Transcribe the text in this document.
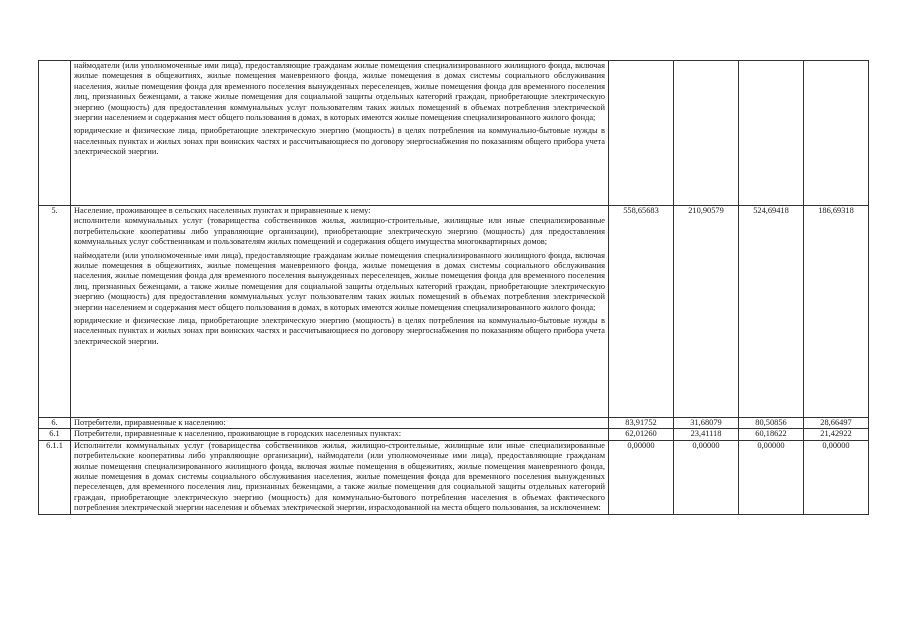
	наймодатели (или уполномоченные ими лица), предоставляющие гражданам жилые помещения специализированного жилищного фонда, включая жилые помещения в общежитиях, жилые помещения маневренного фонда, жилые помещения в домах системы социального обслуживания населения, жилые помещения фонда для временного поселения вынужденных переселенцев, жилые помещения фонда для временного поселения лиц, признанных беженцами, а также жилые помещения для социальной защиты отдельных категорий граждан, приобретающие электрическую энергию (мощность) для предоставления коммунальных услуг пользователям таких жилых помещений в объемах потребления электрической энергии населением и содержания мест общего пользования в домах, в которых имеются жилые помещения специализированного жилого фонда;

юридические и физические лица, приобретающие электрическую энергию (мощность) в целях потребления на коммунально-бытовые нужды в населенных пунктах и жилых зонах при воинских частях и рассчитывающиеся по договору энергоснабжения по показаниям общего прибора учета электрической энергии.				

5.	Население, проживающее в сельских населенных пунктах и приравненные к нему:

исполнители коммунальных услуг (товарищества собственников жилья, жилищно-строительные, жилищные или иные специализированные потребительские кооперативы либо управляющие организации), приобретающие электрическую энергию (мощность) для предоставления коммунальных услуг собственникам и пользователям жилых помещений и содержания общего имущества многоквартирных домов;

наймодатели (или уполномоченные ими лица), предоставляющие гражданам жилые помещения специализированного жилищного фонда, включая жилые помещения в общежитиях, жилые помещения маневренного фонда, жилые помещения в домах системы социального обслуживания населения, жилые помещения фонда для временного поселения вынужденных переселенцев, жилые помещения фонда для временного поселения лиц, признанных беженцами, а также жилые помещения для социальной защиты отдельных категорий граждан, приобретающие электрическую энергию (мощность) для предоставления коммунальных услуг пользователям таких жилых помещений в объемах потребления электрической энергии населением и содержания мест общего пользования в домах, в которых имеются жилые помещения специализированного жилого фонда;

юридические и физические лица, приобретающие электрическую энергию (мощность) в целях потребления на коммунально-бытовые нужды в населенных пунктах и жилых зонах при воинских частях и рассчитывающиеся по договору энергоснабжения по показаниям общего прибора учета электрической энергии.	558,65683	210,90579	524,69418	186,69318
6.	Потребители, приравненные к населению:	83,91752	31,68079	80,50856	28,66497
6.1	Потребители, приравненные к населению, проживающие в городских населенных пунктах:	62,01260	23,41118	60,18622	21,42922
6.1.1	Исполнители коммунальных услуг (товарищества собственников жилья, жилищно-строительные, жилищные или иные специализированные потребительские кооперативы либо управляющие организации), наймодатели (или уполномоченные ими лица), предоставляющие гражданам жилые помещения специализированного жилищного фонда, включая жилые помещения в общежитиях, жилые помещения маневренного фонда, жилые помещения в домах системы социального обслуживания населения, жилые помещения фонда для временного поселения вынужденных переселенцев, для временного поселения лиц, признанных беженцами, а также жилые помещения для социальной защиты отдельных категорий граждан, приобретающие электрическую энергию (мощность) для коммунально-бытового потребления населения в объемах фактического потребления электрической энергии населения и объемах электрической энергии, израсходованной на места общего пользования, за исключением:	0,00000	0,00000	0,00000	0,00000
